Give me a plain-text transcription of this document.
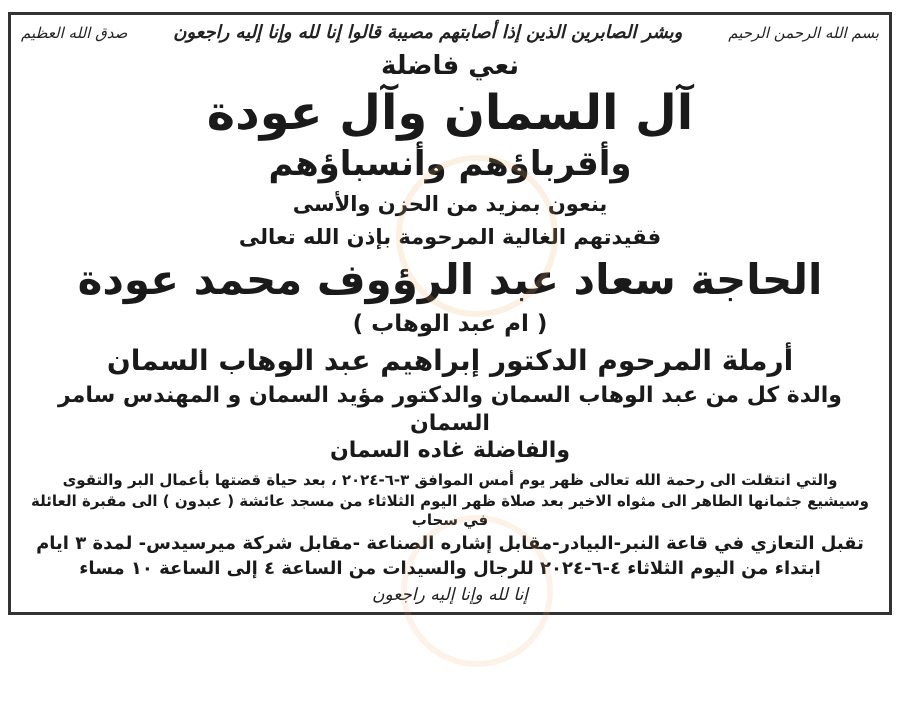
صدق الله العظيم	وبشر الصابرين الذين إذا أصابتهم مصيبة قالوا إنا لله وإنا إليه راجعون	بسم الله الرحمن الرحيم

نعي فاضلة

آل السمان وآل عودة

وأقرباؤهم وأنسباؤهم

ينعون بمزيد من الحزن والأسى

فقيدتهم الغالية المرحومة بإذن الله تعالى

الحاجة سعاد عبد الرؤوف محمد عودة

( ام عبد الوهاب )

أرملة المرحوم الدكتور إبراهيم عبد الوهاب السمان

والدة كل من عبد الوهاب السمان والدكتور مؤيد السمان و المهندس سامر السمان

والفاضلة غاده السمان

والتي انتقلت الى رحمة الله تعالى ظهر يوم أمس الموافق ٣-٦-٢٠٢٤ ، بعد حياة قضتها بأعمال البر والتقوى

وسيشيع جثمانها الطاهر الى مثواه الاخير بعد صلاة ظهر اليوم الثلاثاء من مسجد عائشة ( عبدون ) الى مقبرة العائلة في سحاب

تقبل التعازي في قاعة النبر-البيادر-مقابل إشاره الصناعة -مقابل شركة ميرسيدس- لمدة ٣ ايام

ابتداء من اليوم الثلاثاء ٤-٦-٢٠٢٤ للرجال والسيدات من الساعة ٤ إلى الساعة ١٠ مساء

إنا لله وإنا إليه راجعون
